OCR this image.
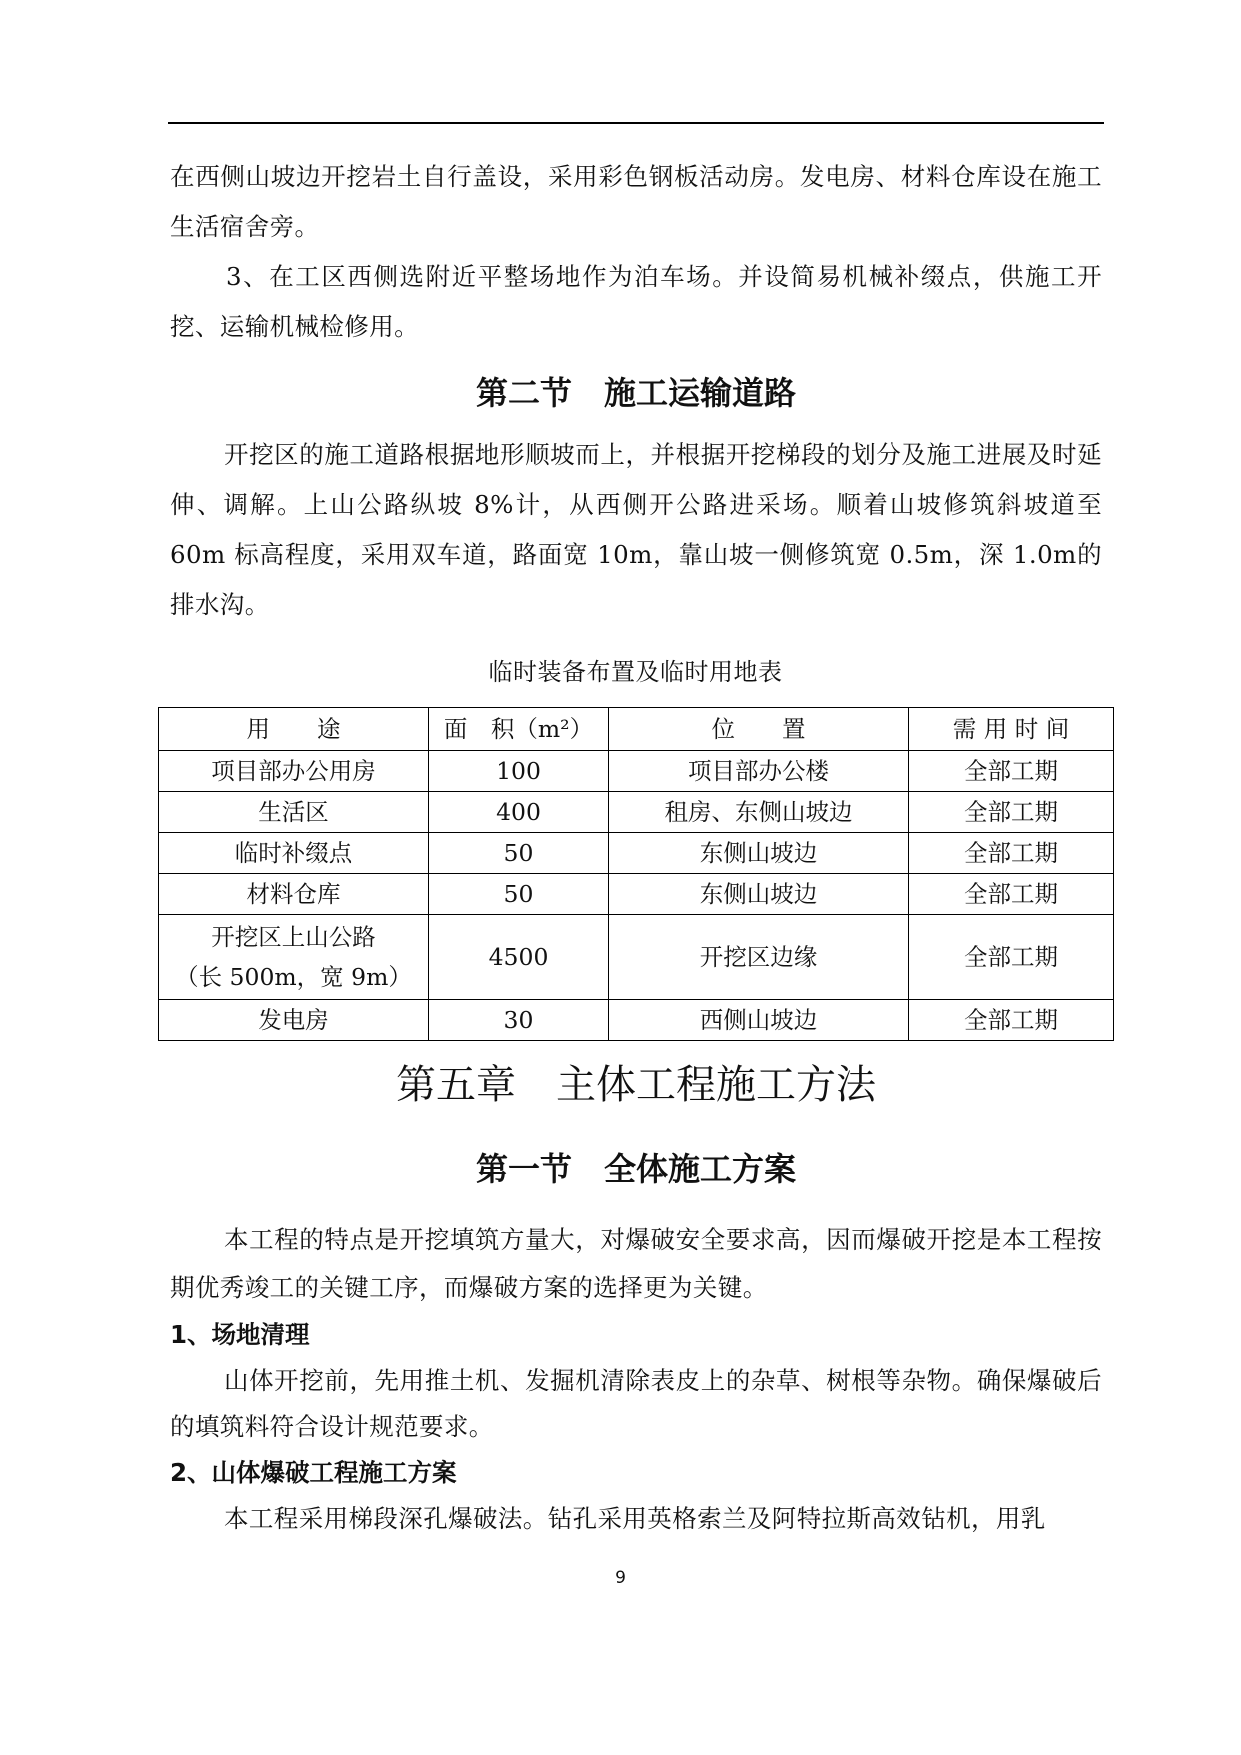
在西侧山坡边开挖岩土自行盖设，采用彩色钢板活动房。发电房、材料仓库设在施工生活宿舍旁。

3、在工区西侧选附近平整场地作为泊车场。并设简易机械补缀点，供施工开挖、运输机械检修用。

第二节　施工运输道路

开挖区的施工道路根据地形顺坡而上，并根据开挖梯段的划分及施工进展及时延伸、调解。上山公路纵坡 8%计，从西侧开公路进采场。顺着山坡修筑斜坡道至 60m 标高程度，采用双车道，路面宽 10m，靠山坡一侧修筑宽 0.5m，深 1.0m的排水沟。

临时装备布置及临时用地表

用　　途	面　积（m²）	位　　置	需 用 时 间
项目部办公用房	100	项目部办公楼	全部工期
生活区	400	租房、东侧山坡边	全部工期
临时补缀点	50	东侧山坡边	全部工期
材料仓库	50	东侧山坡边	全部工期
开挖区上山公路
（长 500m，宽 9m）	4500	开挖区边缘	全部工期
发电房	30	西侧山坡边	全部工期
第五章　主体工程施工方法
第一节　全体施工方案

本工程的特点是开挖填筑方量大，对爆破安全要求高，因而爆破开挖是本工程按期优秀竣工的关键工序，而爆破方案的选择更为关键。

1、场地清理

山体开挖前，先用推土机、发掘机清除表皮上的杂草、树根等杂物。确保爆破后的填筑料符合设计规范要求。

2、山体爆破工程施工方案

本工程采用梯段深孔爆破法。钻孔采用英格索兰及阿特拉斯高效钻机，用乳

9
